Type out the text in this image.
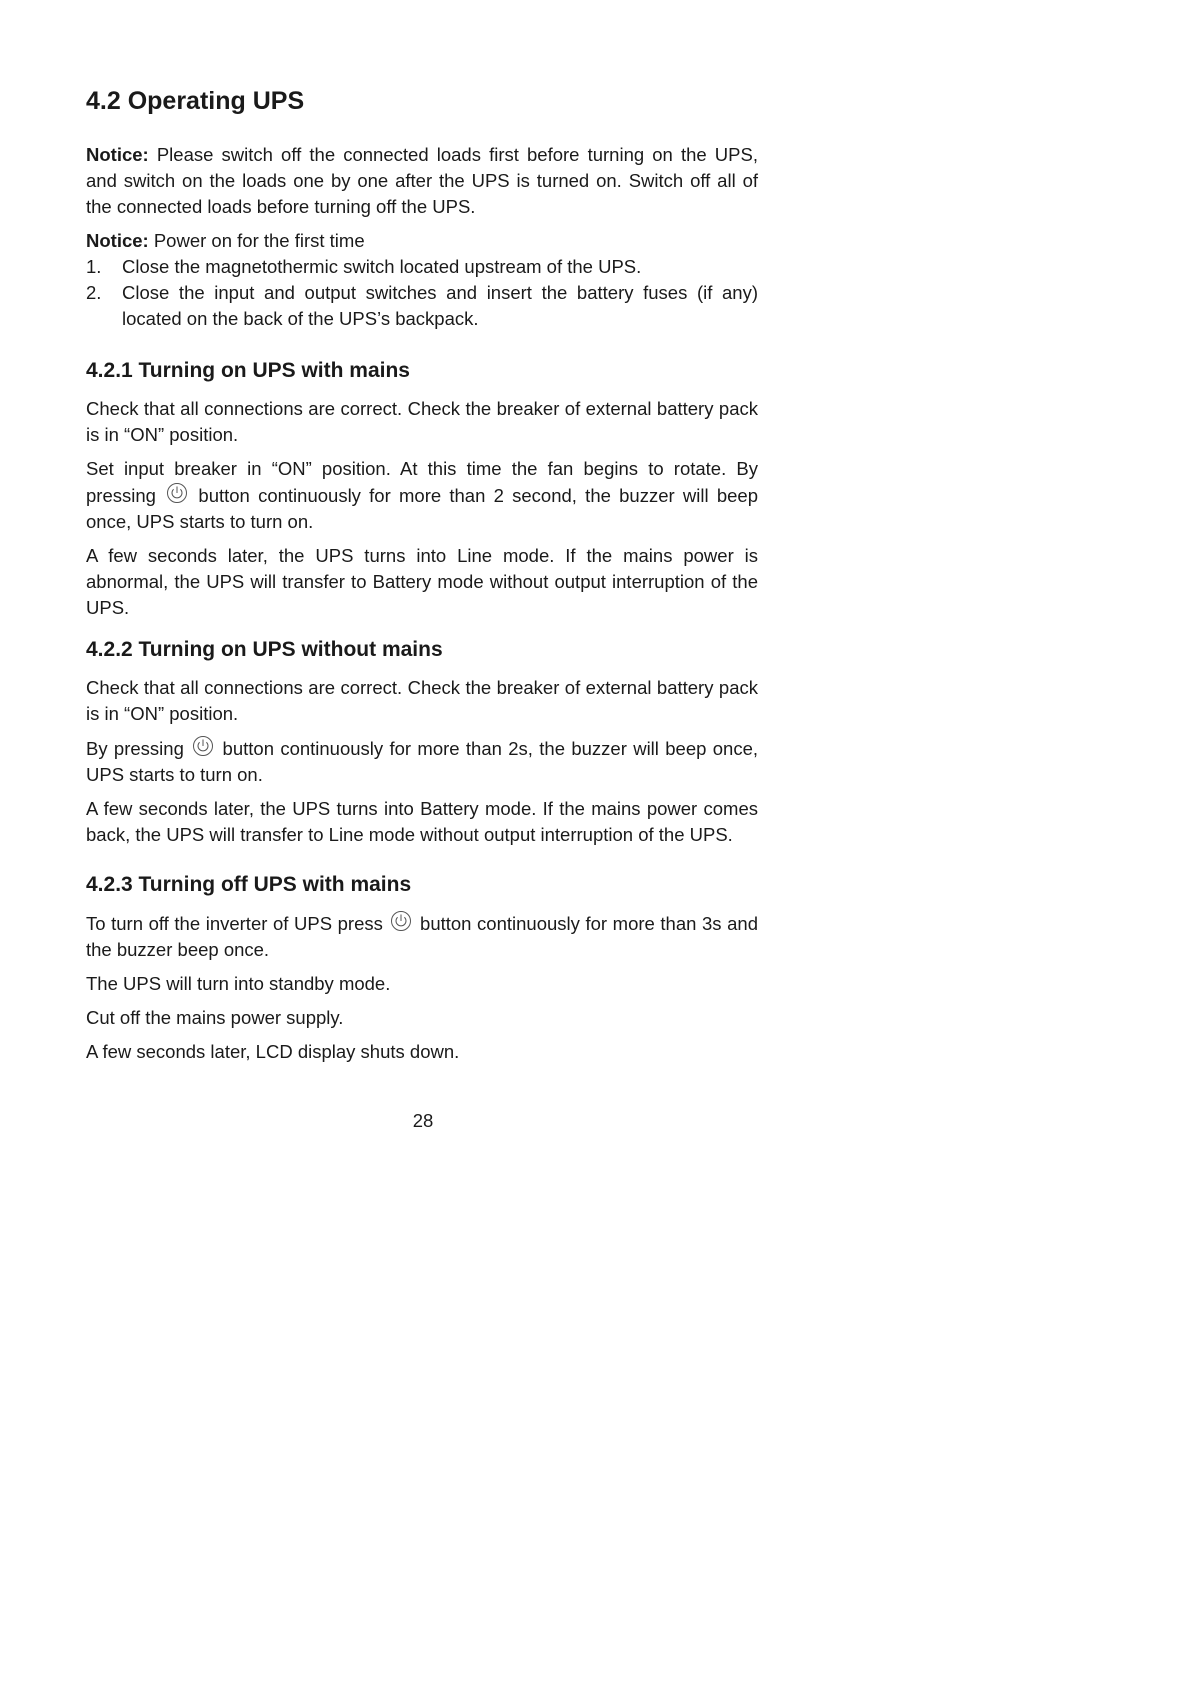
4.2 Operating UPS

Notice: Please switch off the connected loads first before turning on the UPS, and switch on the loads one by one after the UPS is turned on. Switch off all of the connected loads before turning off the UPS.

Notice: Power on for the first time

1.	Close the magnetothermic switch located upstream of the UPS.
2.	Close the input and output switches and insert the battery fuses (if any) located on the back of the UPS’s backpack.
4.2.1 Turning on UPS with mains

Check that all connections are correct. Check the breaker of external battery pack is in “ON” position.

Set input breaker in “ON” position. At this time the fan begins to rotate. By pressing  button continuously for more than 2 second, the buzzer will beep once, UPS starts to turn on.

A few seconds later, the UPS turns into Line mode. If the mains power is abnormal, the UPS will transfer to Battery mode without output interruption of the UPS.

4.2.2 Turning on UPS without mains

Check that all connections are correct. Check the breaker of external battery pack is in “ON” position.

By pressing  button continuously for more than 2s, the buzzer will beep once, UPS starts to turn on.

A few seconds later, the UPS turns into Battery mode. If the mains power comes back, the UPS will transfer to Line mode without output interruption of the UPS.

4.2.3 Turning off UPS with mains

To turn off the inverter of UPS press  button continuously for more than 3s and the buzzer beep once.

The UPS will turn into standby mode.

Cut off the mains power supply.

A few seconds later, LCD display shuts down.

28
